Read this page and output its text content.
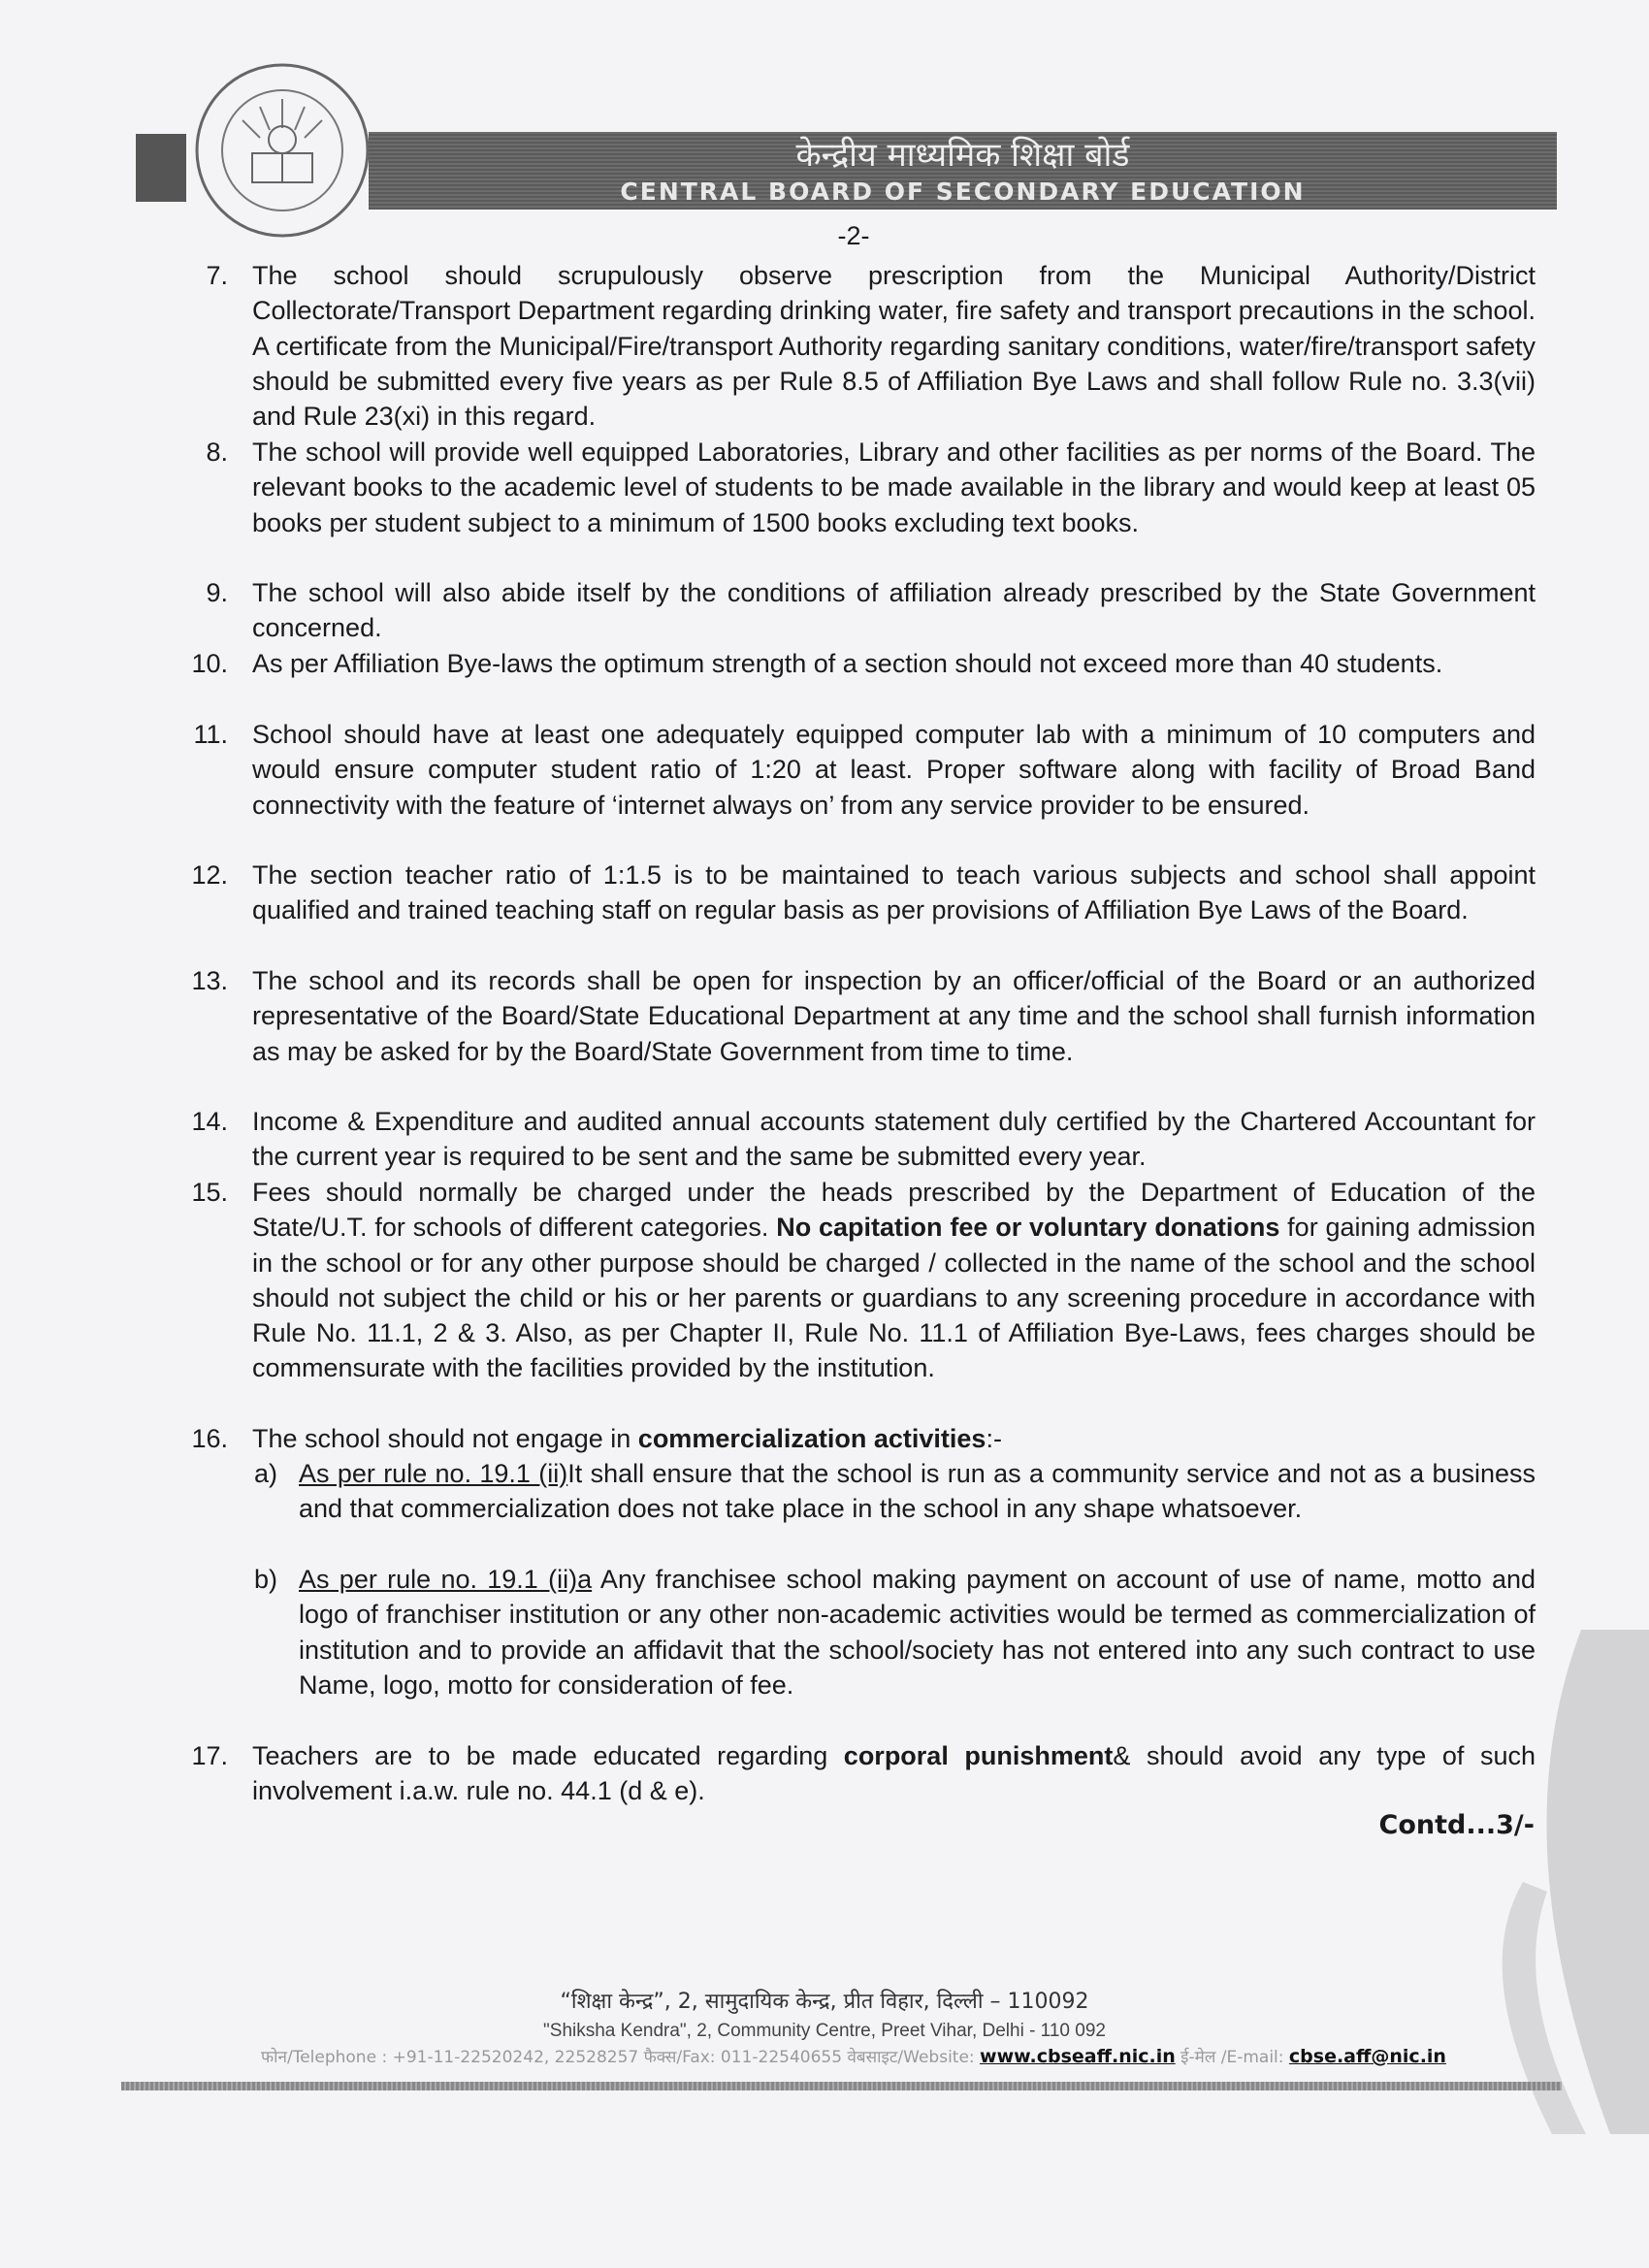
केन्द्रीय माध्यमिक शिक्षा बोर्ड
CENTRAL BOARD OF SECONDARY EDUCATION
-2-
7. The school should scrupulously observe prescription from the Municipal Authority/District Collectorate/Transport Department regarding drinking water, fire safety and transport precautions in the school. A certificate from the Municipal/Fire/transport Authority regarding sanitary conditions, water/fire/transport safety should be submitted every five years as per Rule 8.5 of Affiliation Bye Laws and shall follow Rule no. 3.3(vii) and Rule 23(xi) in this regard.
8. The school will provide well equipped Laboratories, Library and other facilities as per norms of the Board. The relevant books to the academic level of students to be made available in the library and would keep at least 05 books per student subject to a minimum of 1500 books excluding text books.
9. The school will also abide itself by the conditions of affiliation already prescribed by the State Government concerned.
10. As per Affiliation Bye-laws the optimum strength of a section should not exceed more than 40 students.
11. School should have at least one adequately equipped computer lab with a minimum of 10 computers and would ensure computer student ratio of 1:20 at least. Proper software along with facility of Broad Band connectivity with the feature of ‘internet always on’ from any service provider to be ensured.
12. The section teacher ratio of 1:1.5 is to be maintained to teach various subjects and school shall appoint qualified and trained teaching staff on regular basis as per provisions of Affiliation Bye Laws of the Board.
13. The school and its records shall be open for inspection by an officer/official of the Board or an authorized representative of the Board/State Educational Department at any time and the school shall furnish information as may be asked for by the Board/State Government from time to time.
14. Income & Expenditure and audited annual accounts statement duly certified by the Chartered Accountant for the current year is required to be sent and the same be submitted every year.
15. Fees should normally be charged under the heads prescribed by the Department of Education of the State/U.T. for schools of different categories. No capitation fee or voluntary donations for gaining admission in the school or for any other purpose should be charged / collected in the name of the school and the school should not subject the child or his or her parents or guardians to any screening procedure in accordance with Rule No. 11.1, 2 & 3. Also, as per Chapter II, Rule No. 11.1 of Affiliation Bye-Laws, fees charges should be commensurate with the facilities provided by the institution.
16. The school should not engage in commercialization activities:-
a) As per rule no. 19.1 (ii)It shall ensure that the school is run as a community service and not as a business and that commercialization does not take place in the school in any shape whatsoever.
b) As per rule no. 19.1 (ii)a Any franchisee school making payment on account of use of name, motto and logo of franchiser institution or any other non-academic activities would be termed as commercialization of institution and to provide an affidavit that the school/society has not entered into any such contract to use Name, logo, motto for consideration of fee.
17. Teachers are to be made educated regarding corporal punishment& should avoid any type of such involvement i.a.w. rule no. 44.1 (d & e).
Contd...3/-
“शिक्षा केन्द्र”, 2, सामुदायिक केन्द्र, प्रीत विहार, दिल्ली – 110092
"Shiksha Kendra", 2, Community Centre, Preet Vihar, Delhi - 110 092
फोन/Telephone : +91-11-22520242, 22528257 फैक्स/Fax: 011-22540655 वेबसाइट/Website: www.cbseaff.nic.in ई-मेल /E-mail: cbse.aff@nic.in
